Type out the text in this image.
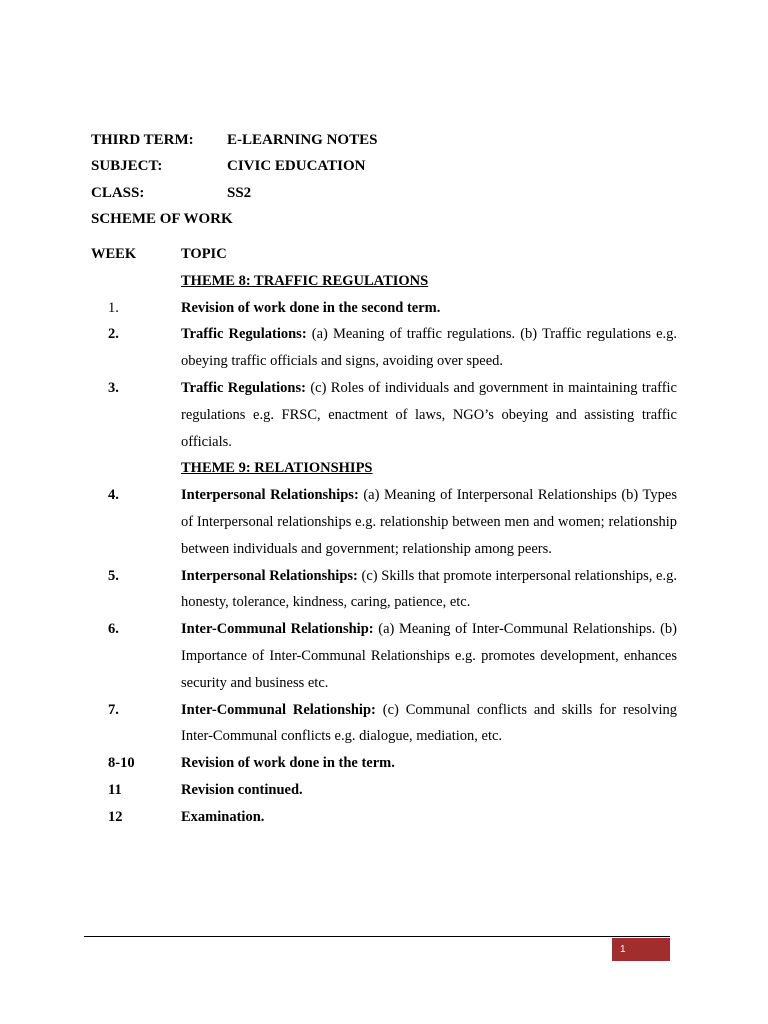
THIRD TERM:	E-LEARNING NOTES
SUBJECT:	CIVIC EDUCATION
CLASS:	SS2
SCHEME OF WORK
WEEK	TOPIC
THEME 8: TRAFFIC REGULATIONS
1.	Revision of work done in the second term.
2.	Traffic Regulations: (a) Meaning of traffic regulations. (b) Traffic regulations e.g. obeying traffic officials and signs, avoiding over speed.
3.	Traffic Regulations: (c) Roles of individuals and government in maintaining traffic regulations e.g. FRSC, enactment of laws, NGO’s obeying and assisting traffic officials.
THEME 9: RELATIONSHIPS
4.	Interpersonal Relationships: (a) Meaning of Interpersonal Relationships (b) Types of Interpersonal relationships e.g. relationship between men and women; relationship between individuals and government; relationship among peers.
5.	Interpersonal Relationships: (c) Skills that promote interpersonal relationships, e.g. honesty, tolerance, kindness, caring, patience, etc.
6.	Inter-Communal Relationship: (a) Meaning of Inter-Communal Relationships. (b) Importance of Inter-Communal Relationships e.g. promotes development, enhances security and business etc.
7.	Inter-Communal Relationship: (c) Communal conflicts and skills for resolving Inter-Communal conflicts e.g. dialogue, mediation, etc.
8-10	Revision of work done in the term.
11	Revision continued.
12	Examination.
1
